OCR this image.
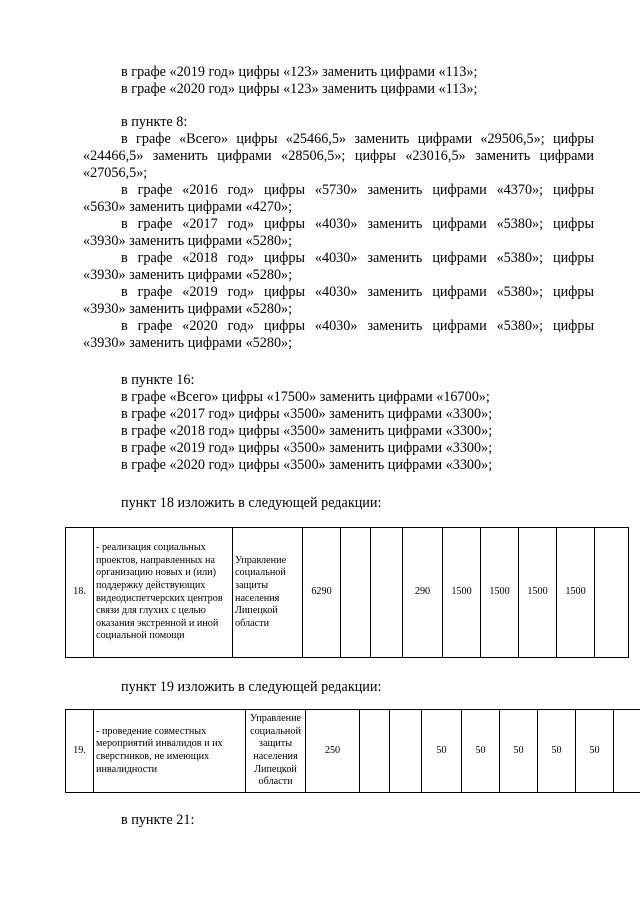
в графе «2019 год» цифры «123» заменить цифрами «113»;
в графе «2020 год» цифры «123» заменить цифрами «113»;
в пункте 8:
в графе «Всего» цифры «25466,5» заменить цифрами «29506,5»; цифры
«24466,5» заменить цифрами «28506,5»; цифры «23016,5» заменить цифрами
«27056,5»;
в графе «2016 год» цифры «5730» заменить цифрами «4370»; цифры
«5630» заменить цифрами «4270»;
в графе «2017 год» цифры «4030» заменить цифрами «5380»; цифры
«3930» заменить цифрами «5280»;
в графе «2018 год» цифры «4030» заменить цифрами «5380»; цифры
«3930» заменить цифрами «5280»;
в графе «2019 год» цифры «4030» заменить цифрами «5380»; цифры
«3930» заменить цифрами «5280»;
в графе «2020 год» цифры «4030» заменить цифрами «5380»; цифры
«3930» заменить цифрами «5280»;
в пункте 16:
в графе «Всего» цифры «17500» заменить цифрами «16700»;
в графе «2017 год» цифры «3500» заменить цифрами «3300»;
в графе «2018 год» цифры «3500» заменить цифрами «3300»;
в графе «2019 год» цифры «3500» заменить цифрами «3300»;
в графе «2020 год» цифры «3500» заменить цифрами «3300»;
пункт 18 изложить в следующей редакции:
18.	- реализация социальных проектов, направленных на организацию новых и (или) поддержку действующих видеодиспетчерских центров связи для глухих с целью оказания экстренной и иной социальной помощи	Управление социальной защиты населения Липецкой области	6290			290	1500	1500	1500	1500	
пункт 19 изложить в следующей редакции:
19.	- проведение совместных мероприятий инвалидов и их сверстников, не имеющих инвалидности	Управление социальной защиты населения Липецкой области	250			50	50	50	50	50	
в пункте 21:
